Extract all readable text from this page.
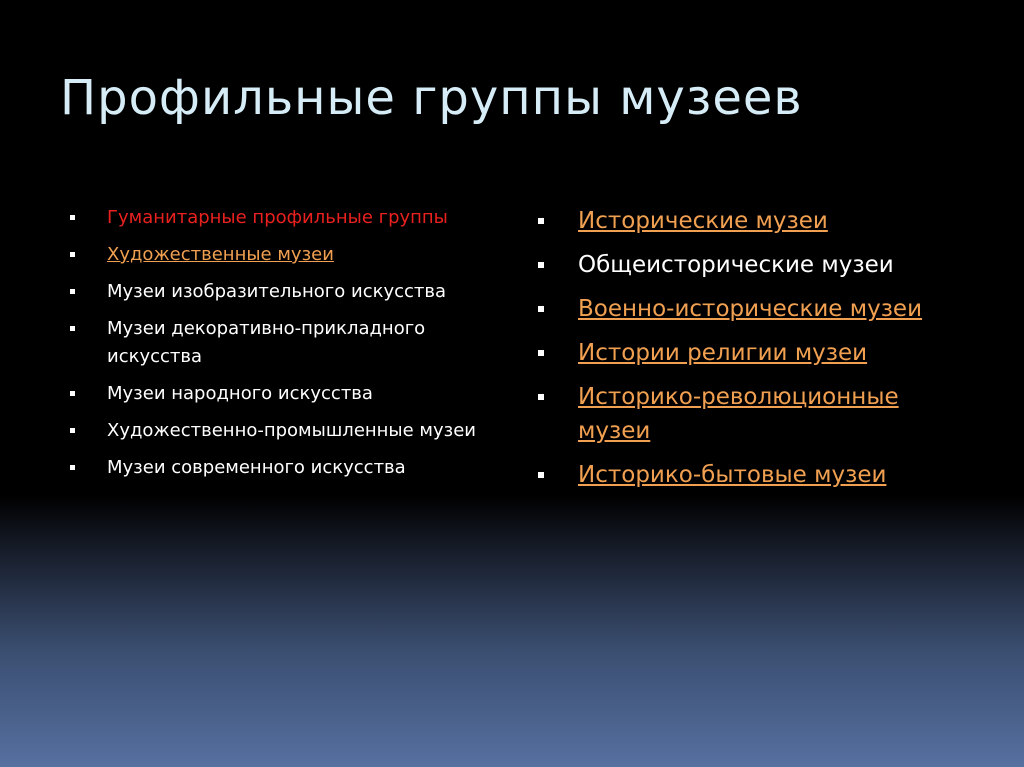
Профильные группы музеев
Гуманитарные профильные группы
Художественные музеи
Музеи изобразительного искусства
Музеи декоративно-прикладного искусства
Музеи народного искусства
Художественно-промышленные музеи
Музеи современного искусства
Исторические музеи
Общеисторические музеи
Военно-исторические музеи
Истории религии музеи
Историко-революционные музеи
Историко-бытовые музеи
